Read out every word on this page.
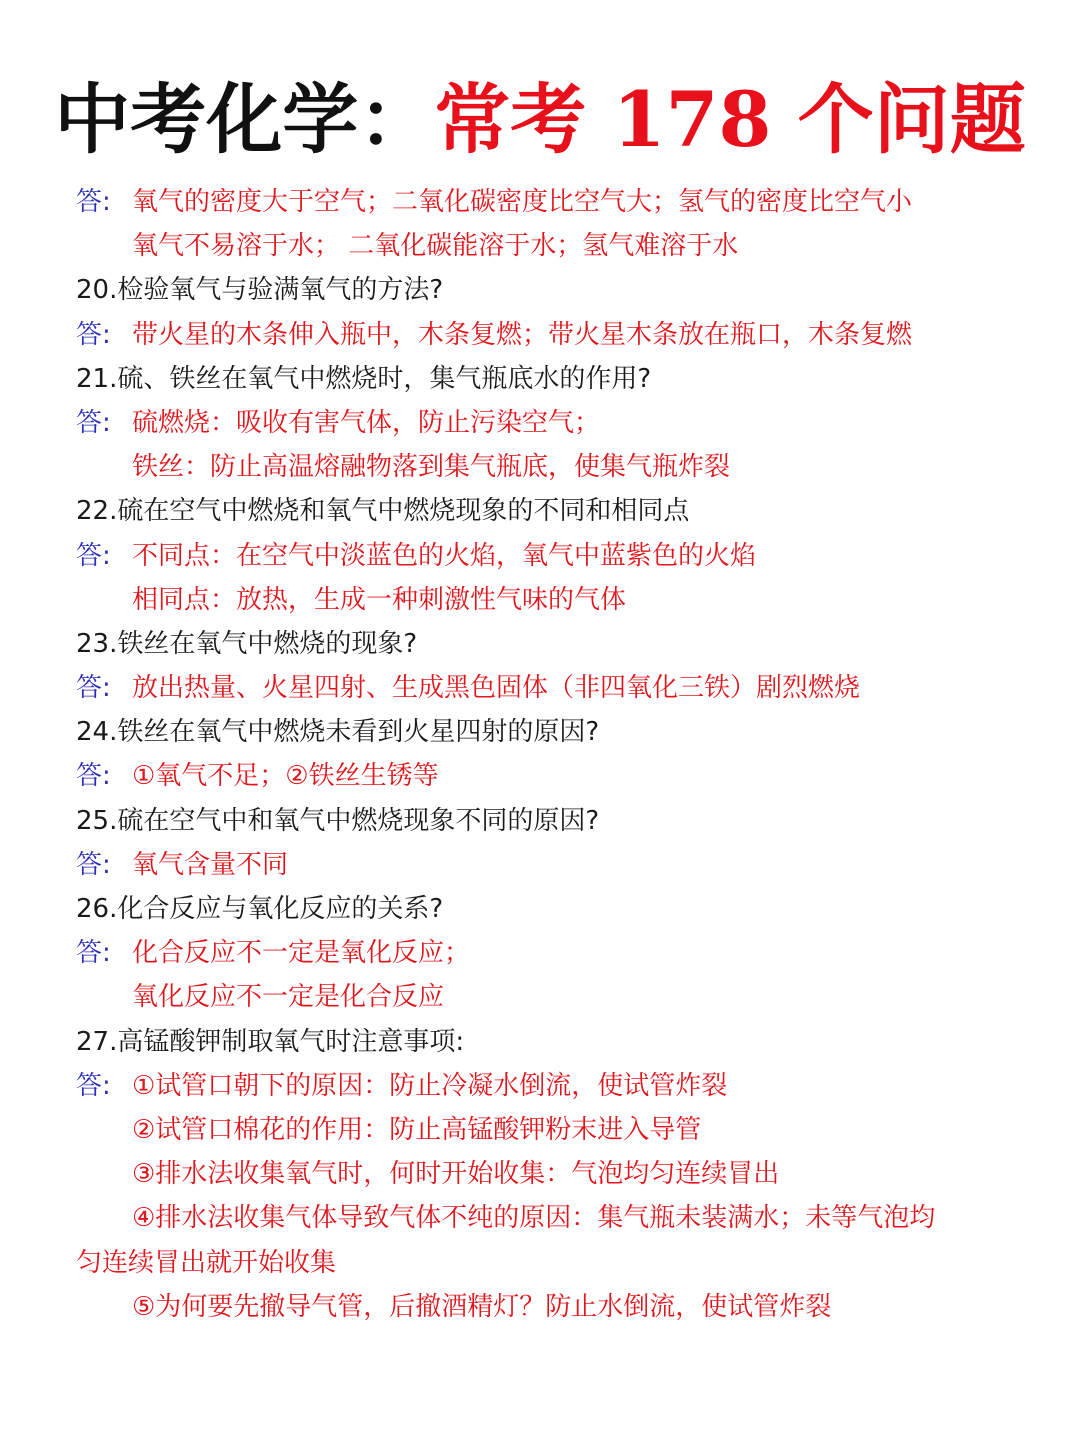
中考化学：常考 178 个问题
答: 氧气的密度大于空气；二氧化碳密度比空气大；氢气的密度比空气小
氧气不易溶于水； 二氧化碳能溶于水；氢气难溶于水
20.检验氧气与验满氧气的方法?
答: 带火星的木条伸入瓶中，木条复燃；带火星木条放在瓶口，木条复燃
21.硫、铁丝在氧气中燃烧时，集气瓶底水的作用?
答: 硫燃烧：吸收有害气体，防止污染空气；
铁丝：防止高温熔融物落到集气瓶底，使集气瓶炸裂
22.硫在空气中燃烧和氧气中燃烧现象的不同和相同点
答: 不同点：在空气中淡蓝色的火焰，氧气中蓝紫色的火焰
相同点：放热，生成一种刺激性气味的气体
23.铁丝在氧气中燃烧的现象?
答: 放出热量、火星四射、生成黑色固体（非四氧化三铁）剧烈燃烧
24.铁丝在氧气中燃烧未看到火星四射的原因?
答: ①氧气不足；②铁丝生锈等
25.硫在空气中和氧气中燃烧现象不同的原因?
答: 氧气含量不同
26.化合反应与氧化反应的关系?
答: 化合反应不一定是氧化反应；
氧化反应不一定是化合反应
27.高锰酸钾制取氧气时注意事项:
答: ①试管口朝下的原因：防止冷凝水倒流，使试管炸裂
②试管口棉花的作用：防止高锰酸钾粉末进入导管
③排水法收集氧气时，何时开始收集：气泡均匀连续冒出
④排水法收集气体导致气体不纯的原因：集气瓶未装满水；未等气泡均
匀连续冒出就开始收集
⑤为何要先撤导气管，后撤酒精灯？防止水倒流，使试管炸裂
